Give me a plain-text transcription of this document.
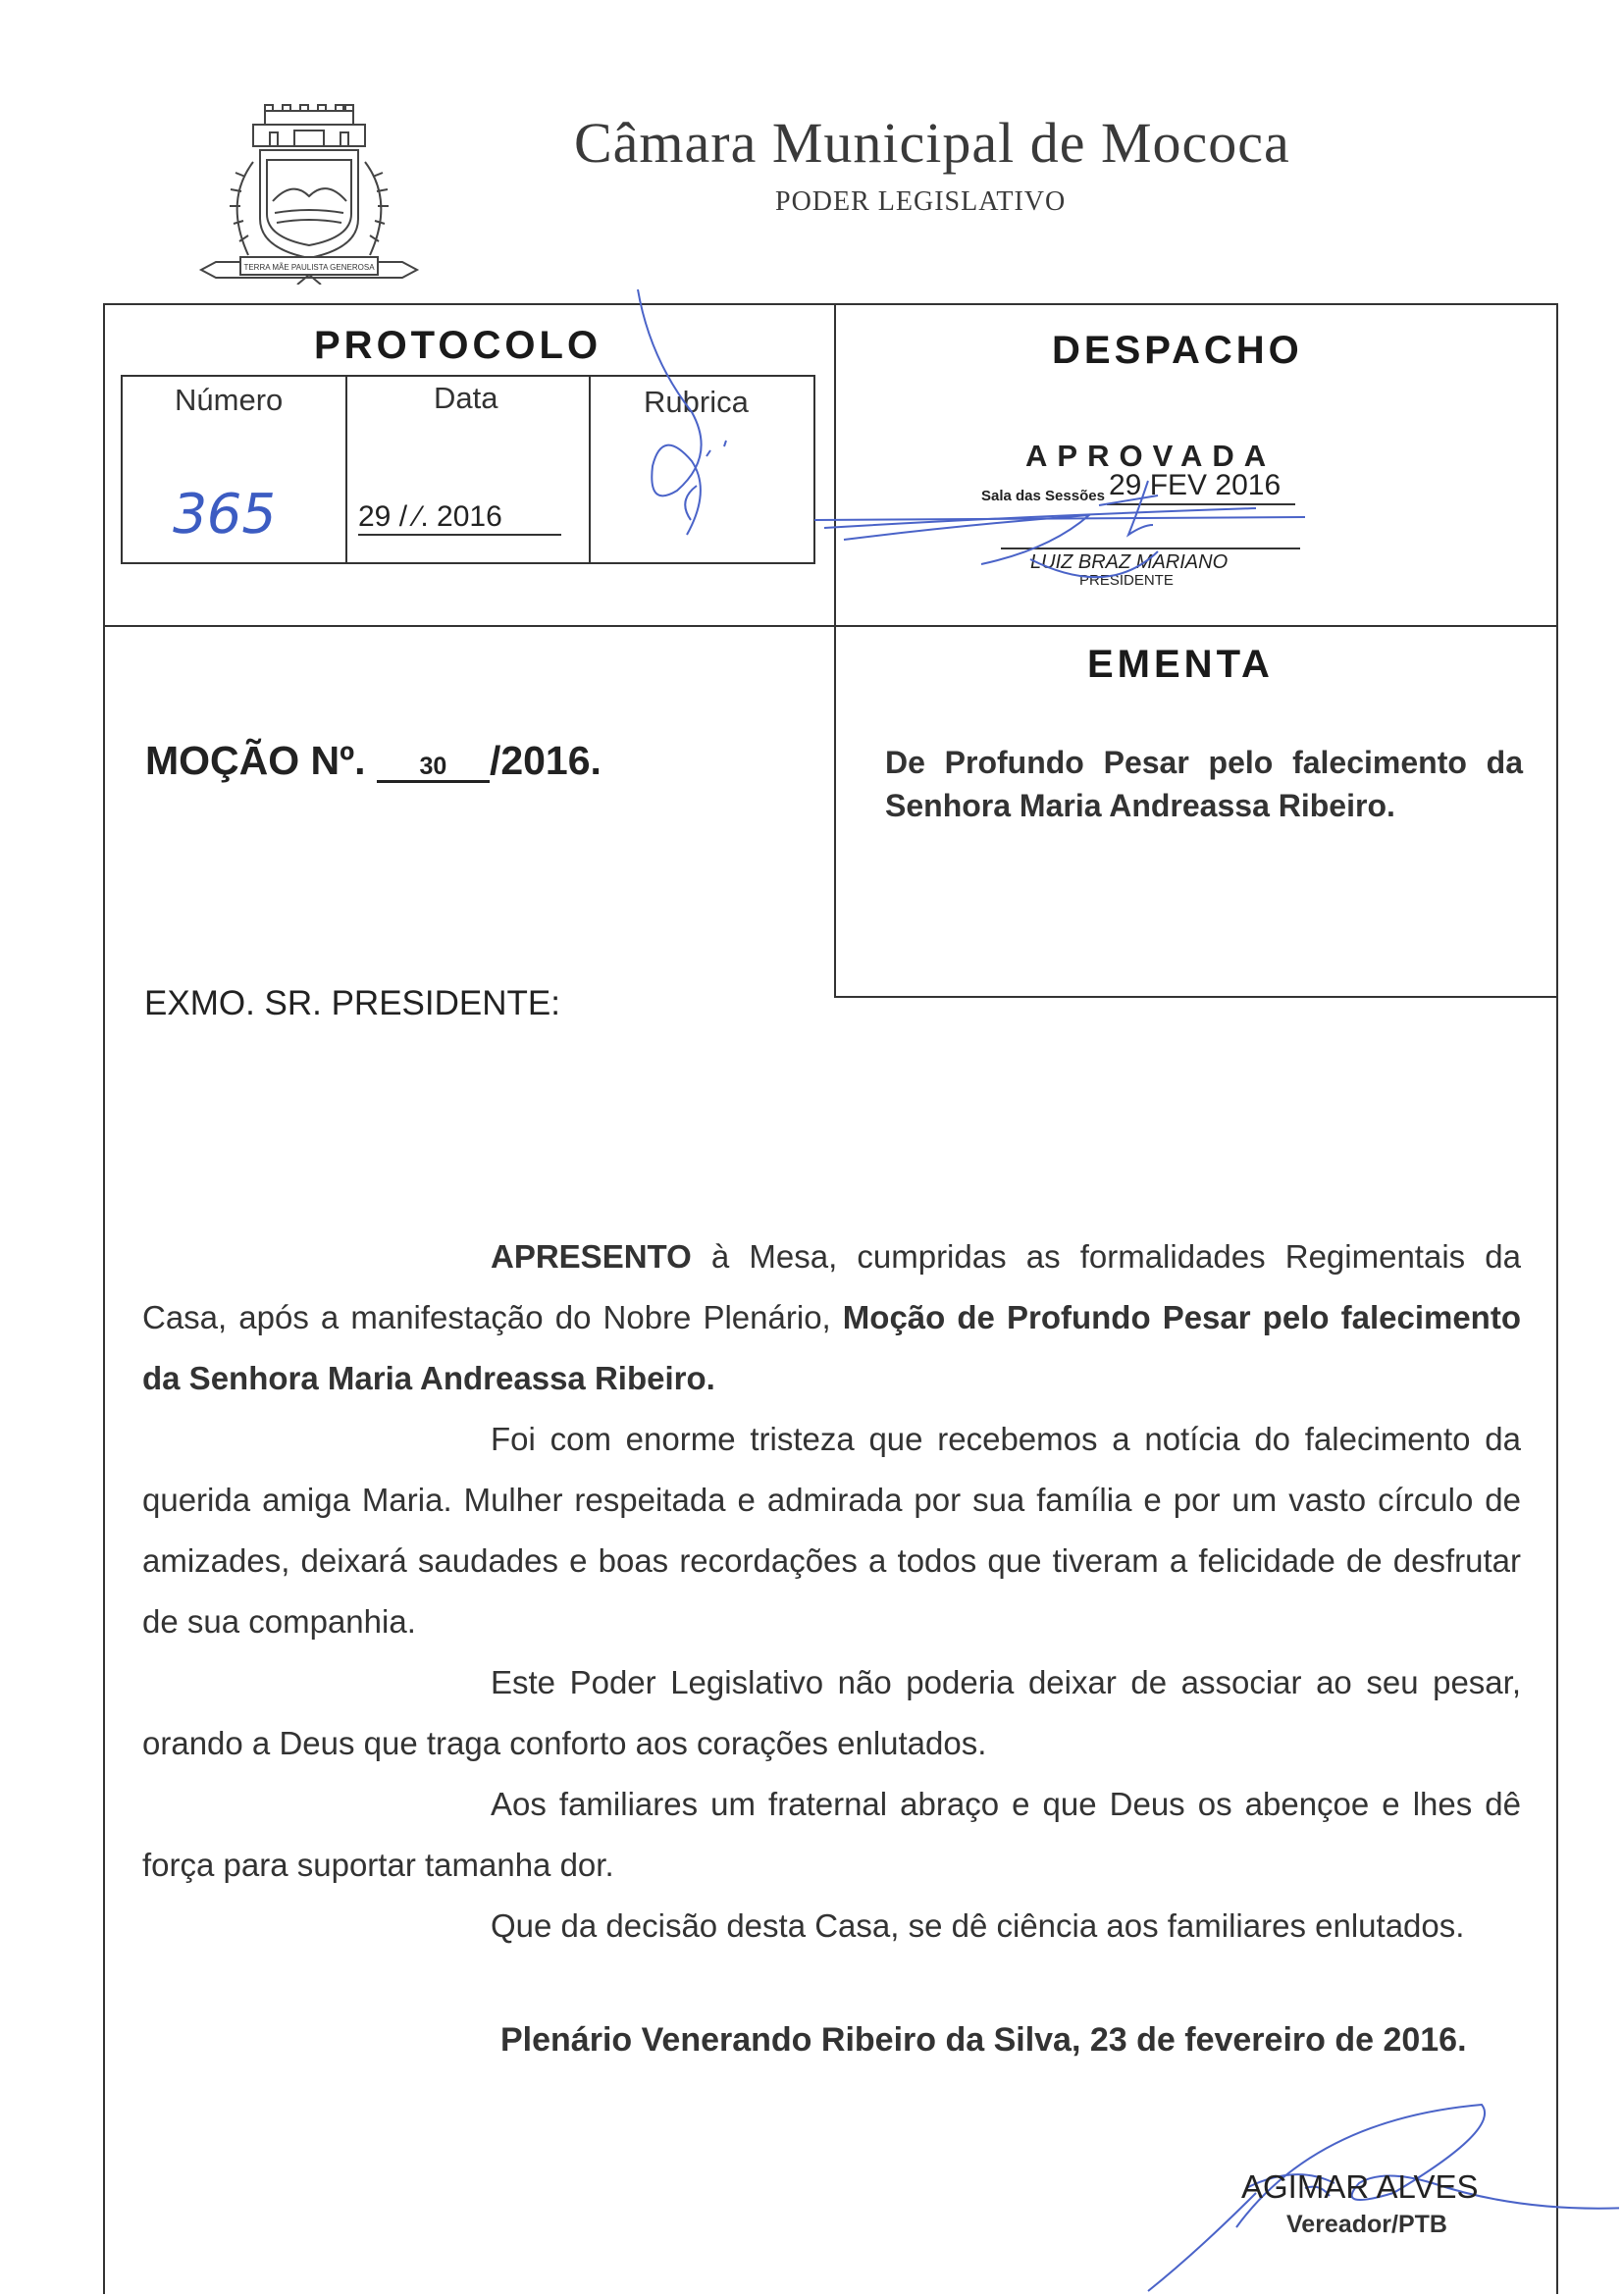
TERRA MÃE PAULISTA GENEROSA
Câmara Municipal de Mococa
PODER LEGISLATIVO
PROTOCOLO
Número	Data	Rubrica
365	29 / ⁄. 2016
DESPACHO
APROVADA
Sala das Sessões 29 FEV 2016
LUIZ BRAZ MARIANO
PRESIDENTE
EMENTA
De Profundo Pesar pelo falecimento da Senhora Maria Andreassa Ribeiro.
MOÇÃO Nº. 30 /2016.
EXMO. SR. PRESIDENTE:

APRESENTO à Mesa, cumpridas as formalidades Regimentais da Casa, após a manifestação do Nobre Plenário, Moção de Profundo Pesar pelo falecimento da Senhora Maria Andreassa Ribeiro.

Foi com enorme tristeza que recebemos a notícia do falecimento da querida amiga Maria. Mulher respeitada e admirada por sua família e por um vasto círculo de amizades, deixará saudades e boas recordações a todos que tiveram a felicidade de desfrutar de sua companhia.

Este Poder Legislativo não poderia deixar de associar ao seu pesar, orando a Deus que traga conforto aos corações enlutados.

Aos familiares um fraternal abraço e que Deus os abençoe e lhes dê força para suportar tamanha dor.

Que da decisão desta Casa, se dê ciência aos familiares enlutados.

Plenário Venerando Ribeiro da Silva, 23 de fevereiro de 2016.
AGIMAR ALVES
Vereador/PTB
